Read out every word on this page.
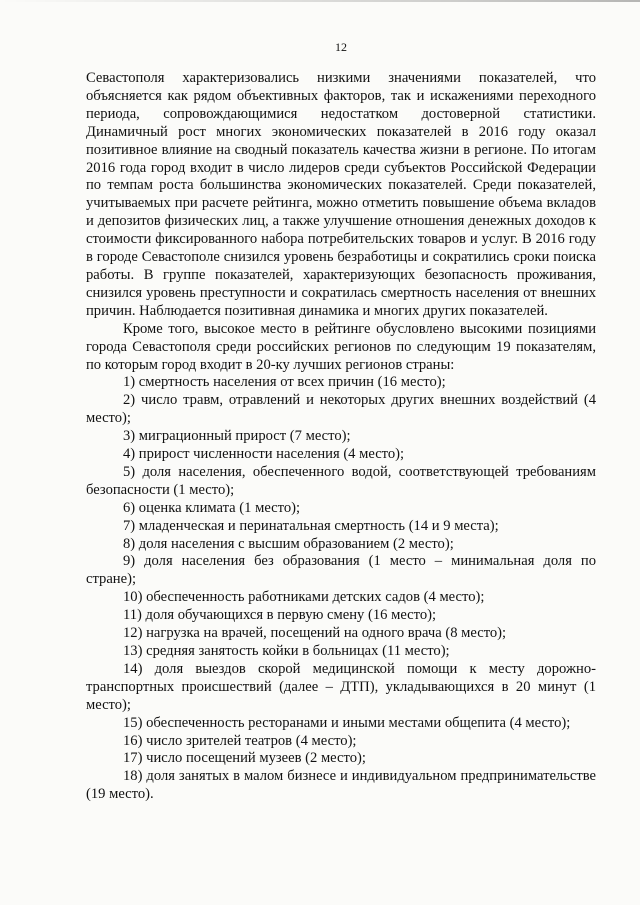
12

Севастополя характеризовались низкими значениями показателей, что объясняется как рядом объективных факторов, так и искажениями переходного периода, сопровождающимися недостатком достоверной статистики. Динамичный рост многих экономических показателей в 2016 году оказал позитивное влияние на сводный показатель качества жизни в регионе. По итогам 2016 года город входит в число лидеров среди субъектов Российской Федерации по темпам роста большинства экономических показателей. Среди показателей, учитываемых при расчете рейтинга, можно отметить повышение объема вкладов и депозитов физических лиц, а также улучшение отношения денежных доходов к стоимости фиксированного набора потребительских товаров и услуг. В 2016 году в городе Севастополе снизился уровень безработицы и сократились сроки поиска работы. В группе показателей, характеризующих безопасность проживания, снизился уровень преступности и сократилась смертность населения от внешних причин. Наблюдается позитивная динамика и многих других показателей.

Кроме того, высокое место в рейтинге обусловлено высокими позициями города Севастополя среди российских регионов по следующим 19 показателям, по которым город входит в 20-ку лучших регионов страны:

1) смертность населения от всех причин (16 место);

2) число травм, отравлений и некоторых других внешних воздействий (4 место);

3) миграционный прирост (7 место);

4) прирост численности населения (4 место);

5) доля населения, обеспеченного водой, соответствующей требованиям безопасности (1 место);

6) оценка климата (1 место);

7) младенческая и перинатальная смертность (14 и 9 места);

8) доля населения с высшим образованием (2 место);

9) доля населения без образования (1 место – минимальная доля по стране);

10) обеспеченность работниками детских садов (4 место);

11) доля обучающихся в первую смену (16 место);

12) нагрузка на врачей, посещений на одного врача (8 место);

13) средняя занятость койки в больницах (11 место);

14) доля выездов скорой медицинской помощи к месту дорожно-транспортных происшествий (далее – ДТП), укладывающихся в 20 минут (1 место);

15) обеспеченность ресторанами и иными местами общепита (4 место);

16) число зрителей театров (4 место);

17) число посещений музеев (2 место);

18) доля занятых в малом бизнесе и индивидуальном предпринимательстве (19 место).
